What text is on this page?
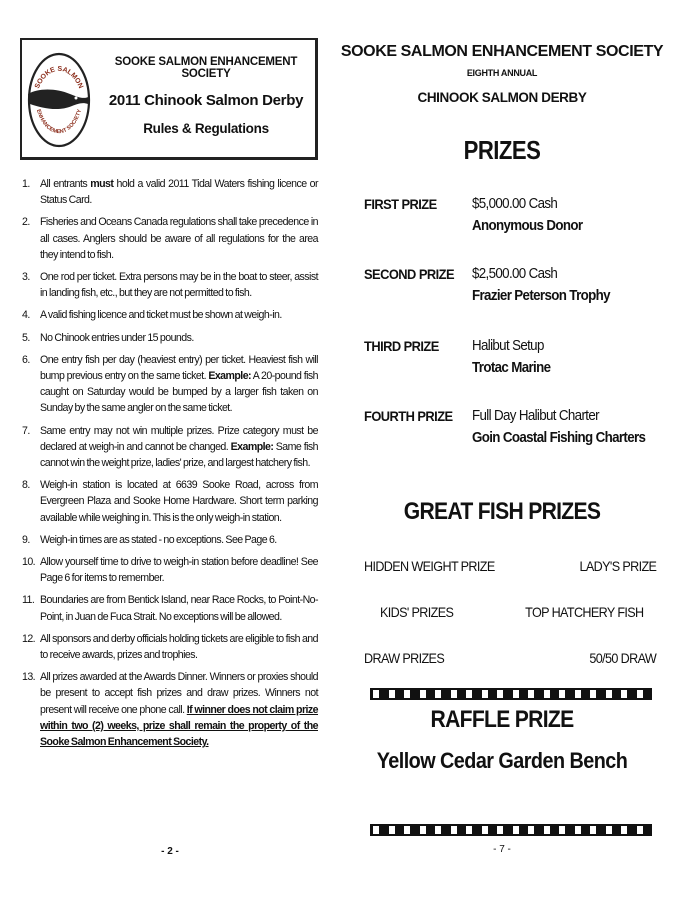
SOOKE SALMON
ENHANCEMENT SOCIETY
SOOKE SALMON ENHANCEMENT SOCIETY
2011 Chinook Salmon Derby
Rules & Regulations
1. All entrants must hold a valid 2011 Tidal Waters fishing licence or Status Card.
2. Fisheries and Oceans Canada regulations shall take precedence in all cases. Anglers should be aware of all regulations for the area they intend to fish.
3. One rod per ticket. Extra persons may be in the boat to steer, assist in landing fish, etc., but they are not permitted to fish.
4. A valid fishing licence and ticket must be shown at weigh-in.
5. No Chinook entries under 15 pounds.
6. One entry fish per day (heaviest entry) per ticket. Heaviest fish will bump previous entry on the same ticket. Example: A 20-pound fish caught on Saturday would be bumped by a larger fish taken on Sunday by the same angler on the same ticket.
7. Same entry may not win multiple prizes. Prize category must be declared at weigh-in and cannot be changed. Example: Same fish cannot win the weight prize, ladies' prize, and largest hatchery fish.
8. Weigh-in station is located at 6639 Sooke Road, across from Evergreen Plaza and Sooke Home Hardware. Short term parking available while weighing in. This is the only weigh-in station.
9. Weigh-in times are as stated - no exceptions. See Page 6.
10. Allow yourself time to drive to weigh-in station before deadline! See Page 6 for items to remember.
11. Boundaries are from Bentick Island, near Race Rocks, to Point-No-Point, in Juan de Fuca Strait. No exceptions will be allowed.
12. All sponsors and derby officials holding tickets are eligible to fish and to receive awards, prizes and trophies.
13. All prizes awarded at the Awards Dinner. Winners or proxies should be present to accept fish prizes and draw prizes. Winners not present will receive one phone call. If winner does not claim prize within two (2) weeks, prize shall remain the property of the Sooke Salmon Enhancement Society.
- 2 -
SOOKE SALMON ENHANCEMENT SOCIETY
EIGHTH ANNUAL
CHINOOK SALMON DERBY
PRIZES
FIRST PRIZE $5,000.00 Cash
Anonymous Donor
SECOND PRIZE $2,500.00 Cash
Frazier Peterson Trophy
THIRD PRIZE Halibut Setup
Trotac Marine
FOURTH PRIZE Full Day Halibut Charter
Goin Coastal Fishing Charters
GREAT FISH PRIZES
HIDDEN WEIGHT PRIZE	LADY'S PRIZE
KIDS' PRIZES	TOP HATCHERY FISH
DRAW PRIZES	50/50 DRAW
RAFFLE PRIZE
Yellow Cedar Garden Bench
- 7 -
